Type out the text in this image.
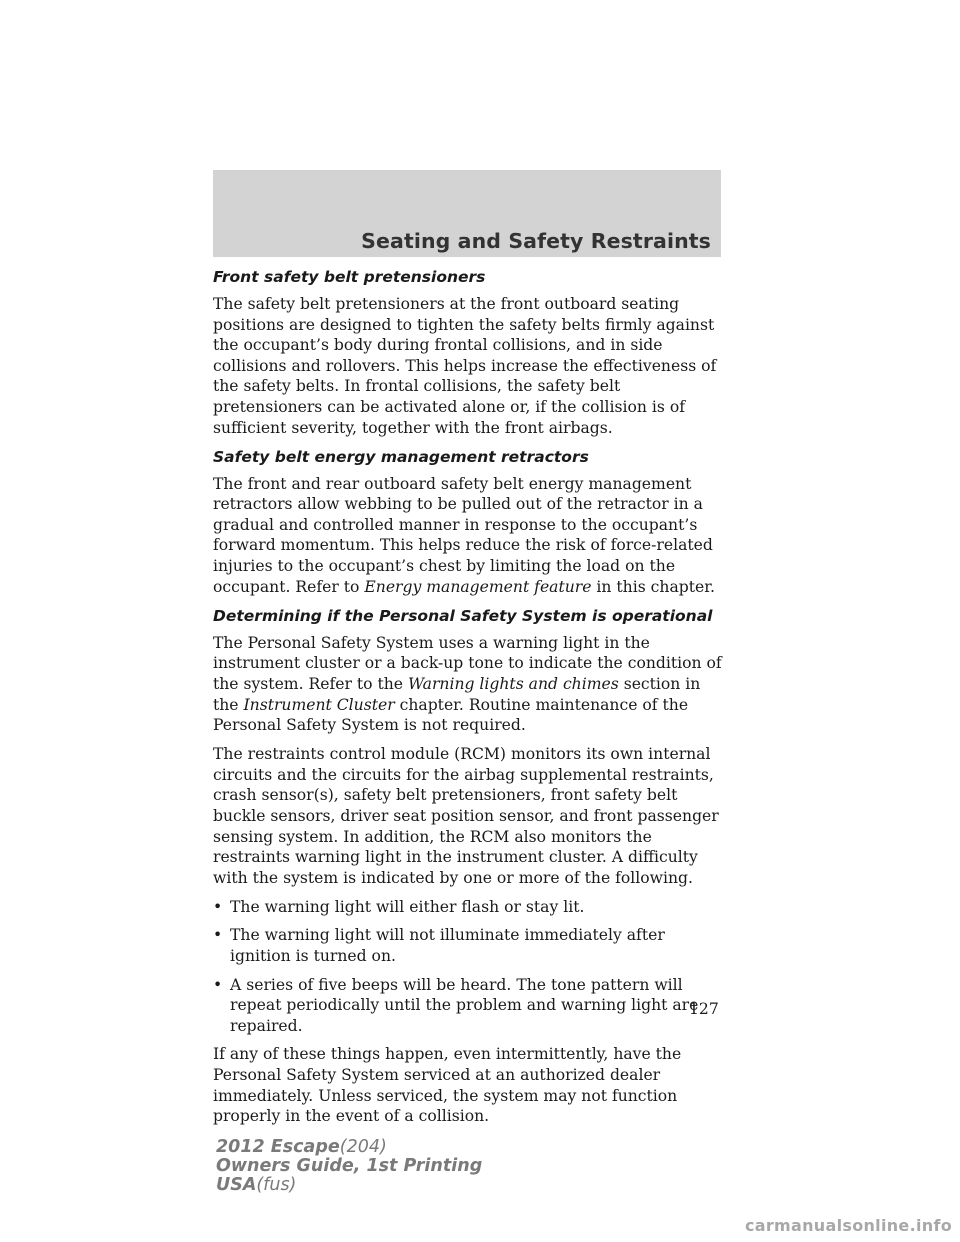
Seating and Safety Restraints
Front safety belt pretensioners

The safety belt pretensioners at the front outboard seating positions are designed to tighten the safety belts firmly against the occupant’s body during frontal collisions, and in side collisions and rollovers. This helps increase the effectiveness of the safety belts. In frontal collisions, the safety belt pretensioners can be activated alone or, if the collision is of sufficient severity, together with the front airbags.

Safety belt energy management retractors

The front and rear outboard safety belt energy management retractors allow webbing to be pulled out of the retractor in a gradual and controlled manner in response to the occupant’s forward momentum. This helps reduce the risk of force-related injuries to the occupant’s chest by limiting the load on the occupant. Refer to Energy management feature in this chapter.

Determining if the Personal Safety System is operational

The Personal Safety System uses a warning light in the instrument cluster or a back-up tone to indicate the condition of the system. Refer to the Warning lights and chimes section in the Instrument Cluster chapter. Routine maintenance of the Personal Safety System is not required.

The restraints control module (RCM) monitors its own internal circuits and the circuits for the airbag supplemental restraints, crash sensor(s), safety belt pretensioners, front safety belt buckle sensors, driver seat position sensor, and front passenger sensing system. In addition, the RCM also monitors the restraints warning light in the instrument cluster. A difficulty with the system is indicated by one or more of the following.

• The warning light will either flash or stay lit.
• The warning light will not illuminate immediately after ignition is turned on.
• A series of five beeps will be heard. The tone pattern will repeat periodically until the problem and warning light are repaired.

If any of these things happen, even intermittently, have the Personal Safety System serviced at an authorized dealer immediately. Unless serviced, the system may not function properly in the event of a collision.

127
2012 Escape(204)
Owners Guide, 1st Printing
USA(fus)
carmanualsonline.info
